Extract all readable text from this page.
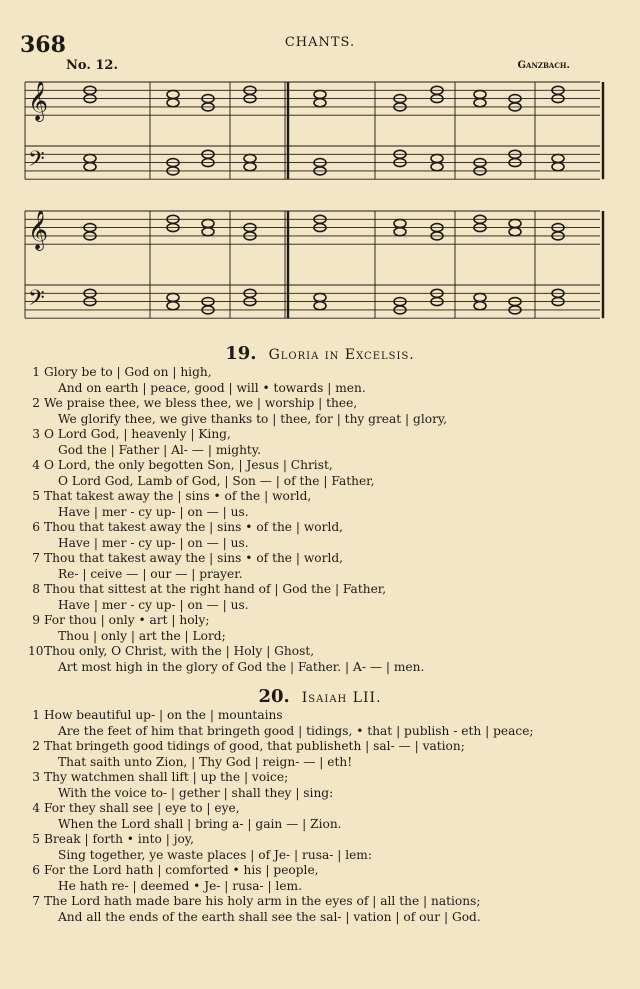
368	CHANTS.
No. 12.	Ganzbach.
𝄞
𝄞
𝄢
𝄢
19. Gloria in Excelsis.
1 Glory be to | God on | high,
And on earth | peace, good | will • towards | men.
2 We praise thee, we bless thee, we | worship | thee,
We glorify thee, we give thanks to | thee, for | thy great | glory,
3 O Lord God, | heavenly | King,
God the | Father | Al- — | mighty.
4 O Lord, the only begotten Son, | Jesus | Christ,
O Lord God, Lamb of God, | Son — | of the | Father,
5 That takest away the | sins • of the | world,
Have | mer - cy up- | on — | us.
6 Thou that takest away the | sins • of the | world,
Have | mer - cy up- | on — | us.
7 Thou that takest away the | sins • of the | world,
Re- | ceive — | our — | prayer.
8 Thou that sittest at the right hand of | God the | Father,
Have | mer - cy up- | on — | us.
9 For thou | only • art | holy;
Thou | only | art the | Lord;
10 Thou only, O Christ, with the | Holy | Ghost,
Art most high in the glory of God the | Father. | A- — | men.
20. Isaiah LII.
1 How beautiful up- | on the | mountains
Are the feet of him that bringeth good | tidings, • that | publish - eth | peace;
2 That bringeth good tidings of good, that publisheth | sal- — | vation;
That saith unto Zion, | Thy God | reign- — | eth!
3 Thy watchmen shall lift | up the | voice;
With the voice to- | gether | shall they | sing:
4 For they shall see | eye to | eye,
When the Lord shall | bring a- | gain — | Zion.
5 Break | forth • into | joy,
Sing together, ye waste places | of Je- | rusa- | lem:
6 For the Lord hath | comforted • his | people,
He hath re- | deemed • Je- | rusa- | lem.
7 The Lord hath made bare his holy arm in the eyes of | all the | nations;
And all the ends of the earth shall see the sal- | vation | of our | God.
